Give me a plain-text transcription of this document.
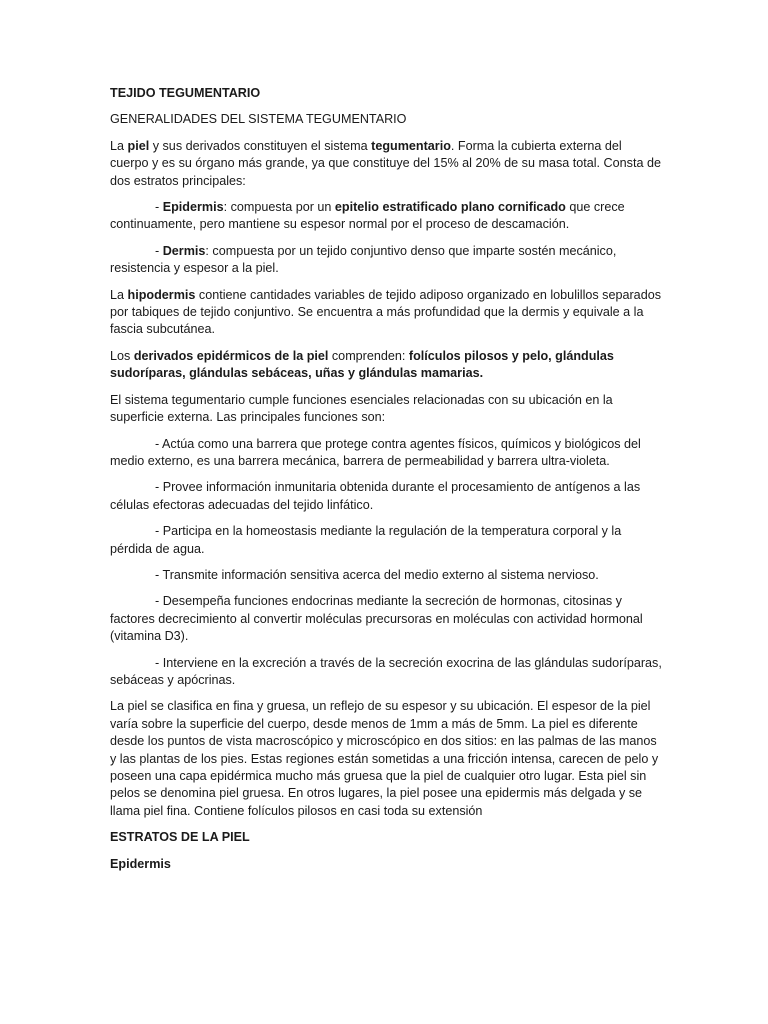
TEJIDO TEGUMENTARIO

GENERALIDADES DEL SISTEMA TEGUMENTARIO

La piel y sus derivados constituyen el sistema tegumentario. Forma la cubierta externa del cuerpo y es su órgano más grande, ya que constituye del 15% al 20% de su masa total. Consta de dos estratos principales:

- Epidermis: compuesta por un epitelio estratificado plano cornificado que crece continuamente, pero mantiene su espesor normal por el proceso de descamación.

- Dermis: compuesta por un tejido conjuntivo denso que imparte sostén mecánico, resistencia y espesor a la piel.

La hipodermis contiene cantidades variables de tejido adiposo organizado en lobulillos separados por tabiques de tejido conjuntivo. Se encuentra a más profundidad que la dermis y equivale a la fascia subcutánea.

Los derivados epidérmicos de la piel comprenden: folículos pilosos y pelo, glándulas sudoríparas, glándulas sebáceas, uñas y glándulas mamarias.

El sistema tegumentario cumple funciones esenciales relacionadas con su ubicación en la superficie externa. Las principales funciones son:

- Actúa como una barrera que protege contra agentes físicos, químicos y biológicos del medio externo, es una barrera mecánica, barrera de permeabilidad y barrera ultra-violeta.

- Provee información inmunitaria obtenida durante el procesamiento de antígenos a las células efectoras adecuadas del tejido linfático.

- Participa en la homeostasis mediante la regulación de la temperatura corporal y la pérdida de agua.

- Transmite información sensitiva acerca del medio externo al sistema nervioso.

- Desempeña funciones endocrinas mediante la secreción de hormonas, citosinas y factores decrecimiento al convertir moléculas precursoras en moléculas con actividad hormonal (vitamina D3).

- Interviene en la excreción a través de la secreción exocrina de las glándulas sudoríparas, sebáceas y apócrinas.

La piel se clasifica en fina y gruesa, un reflejo de su espesor y su ubicación. El espesor de la piel varía sobre la superficie del cuerpo, desde menos de 1mm a más de 5mm. La piel es diferente desde los puntos de vista macroscópico y microscópico en dos sitios: en las palmas de las manos y las plantas de los pies. Estas regiones están sometidas a una fricción intensa, carecen de pelo y poseen una capa epidérmica mucho más gruesa que la piel de cualquier otro lugar. Esta piel sin pelos se denomina piel gruesa. En otros lugares, la piel posee una epidermis más delgada y se llama piel fina. Contiene folículos pilosos en casi toda su extensión

ESTRATOS DE LA PIEL

Epidermis
